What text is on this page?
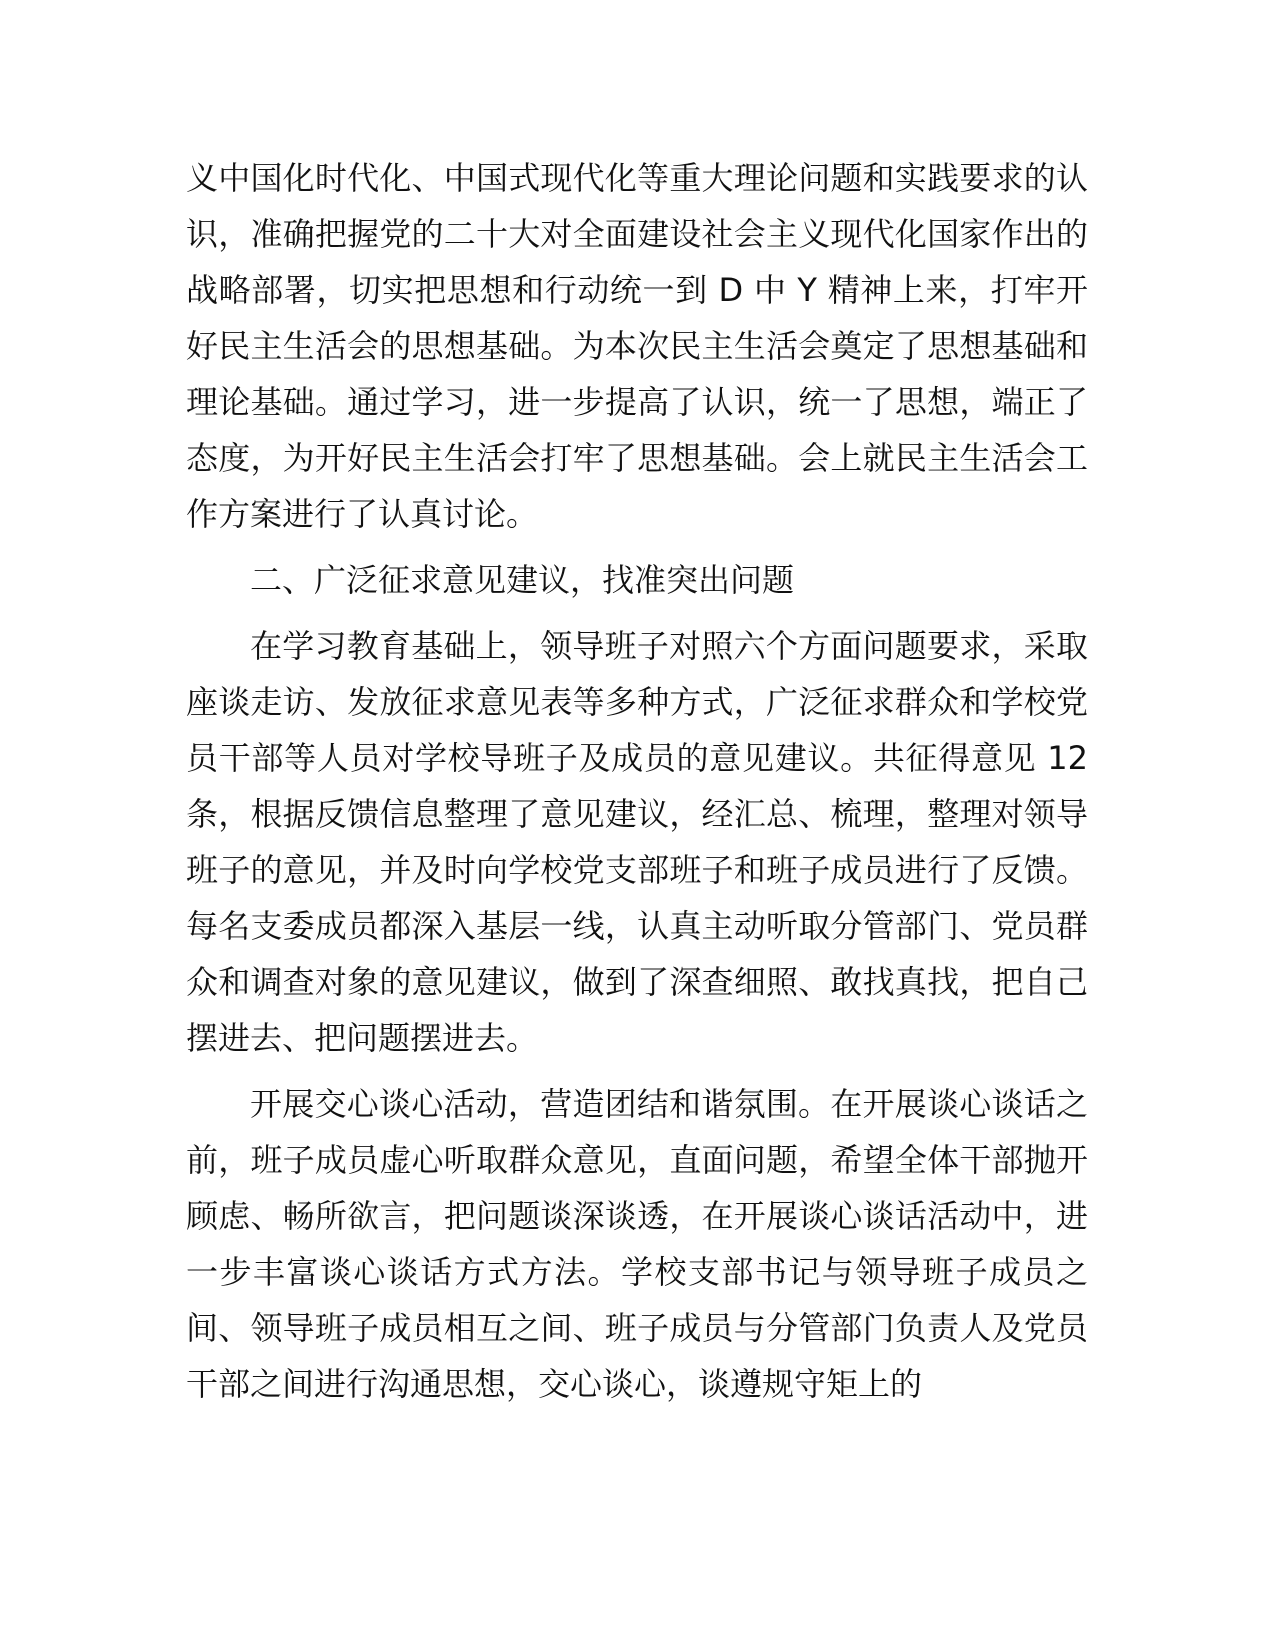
义中国化时代化、中国式现代化等重大理论问题和实践要求的认识，准确把握党的二十大对全面建设社会主义现代化国家作出的战略部署，切实把思想和行动统一到 D 中 Y 精神上来，打牢开好民主生活会的思想基础。为本次民主生活会奠定了思想基础和理论基础。通过学习，进一步提高了认识，统一了思想，端正了态度，为开好民主生活会打牢了思想基础。会上就民主生活会工作方案进行了认真讨论。

二、广泛征求意见建议，找准突出问题

在学习教育基础上，领导班子对照六个方面问题要求，采取座谈走访、发放征求意见表等多种方式，广泛征求群众和学校党员干部等人员对学校导班子及成员的意见建议。共征得意见 12 条，根据反馈信息整理了意见建议，经汇总、梳理，整理对领导班子的意见，并及时向学校党支部班子和班子成员进行了反馈。每名支委成员都深入基层一线，认真主动听取分管部门、党员群众和调查对象的意见建议，做到了深查细照、敢找真找，把自己摆进去、把问题摆进去。

开展交心谈心活动，营造团结和谐氛围。在开展谈心谈话之前，班子成员虚心听取群众意见，直面问题，希望全体干部抛开顾虑、畅所欲言，把问题谈深谈透，在开展谈心谈话活动中，进一步丰富谈心谈话方式方法。学校支部书记与领导班子成员之间、领导班子成员相互之间、班子成员与分管部门负责人及党员干部之间进行沟通思想，交心谈心，谈遵规守矩上的
